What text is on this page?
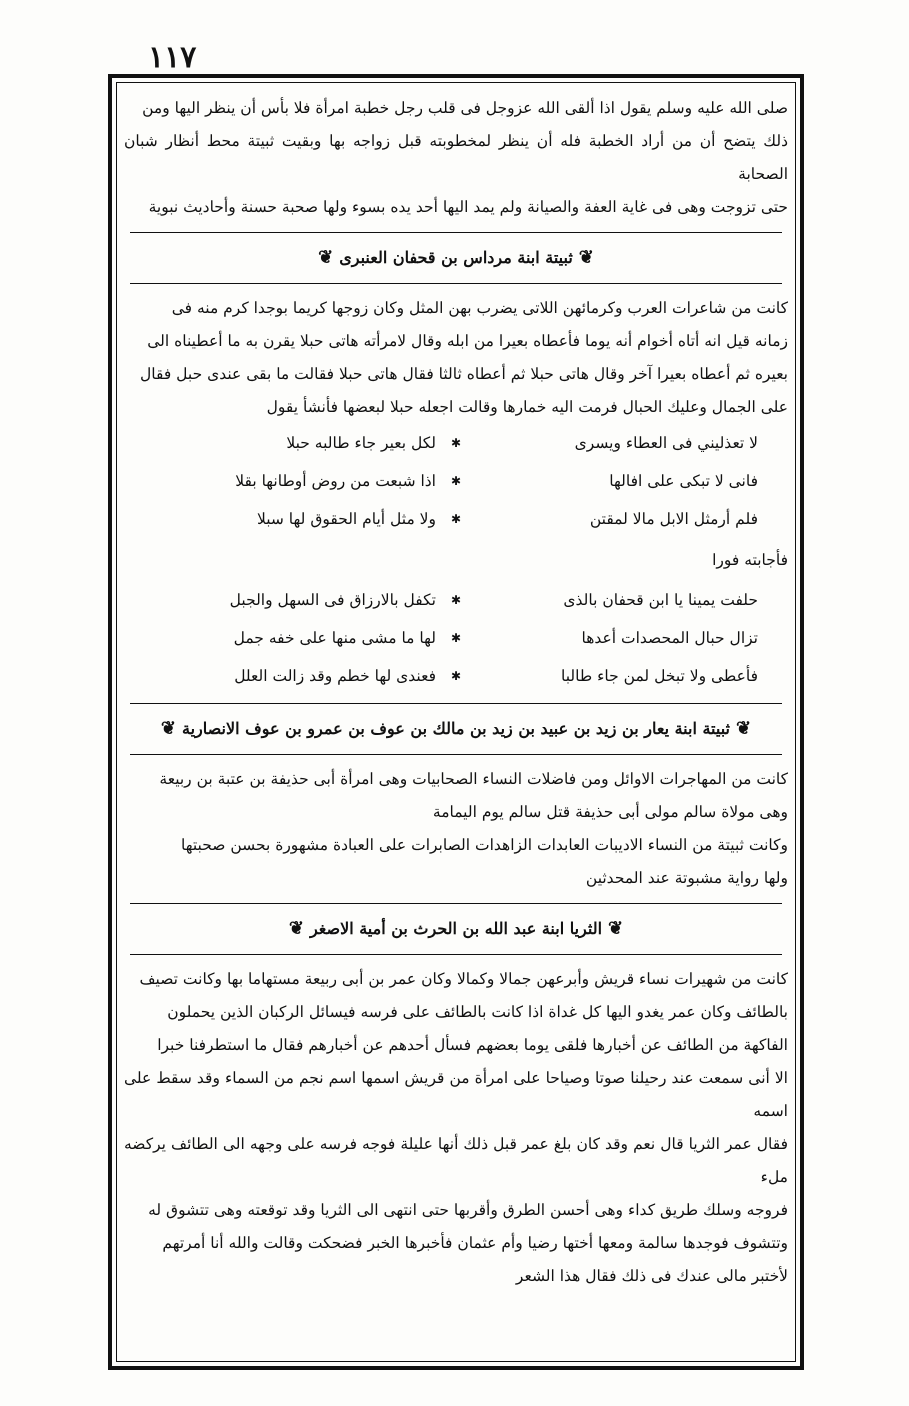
١١٧

صلى الله عليه وسلم يقول اذا ألقى الله عزوجل فى قلب رجل خطبة امرأة فلا بأس أن ينظر اليها ومن

ذلك يتضح أن من أراد الخطبة فله أن ينظر لمخطوبته قبل زواجه بها وبقيت ثبيتة محط أنظار شبان الصحابة

حتى تزوجت وهى فى غاية العفة والصيانة ولم يمد اليها أحد يده بسوء ولها صحبة حسنة وأحاديث نبوية

❦ثبيتة ابنة مرداس بن قحفان العنبرى❦

كانت من شاعرات العرب وكرمائهن اللاتى يضرب بهن المثل وكان زوجها كريما بوجدا كرم منه فى

زمانه قيل انه أتاه أخوام أنه يوما فأعطاه بعيرا من ابله وقال لامرأته هاتى حبلا يقرن به ما أعطيناه الى

بعيره ثم أعطاه بعيرا آخر وقال هاتى حبلا ثم أعطاه ثالثا فقال هاتى حبلا فقالت ما بقى عندى حبل فقال

على الجمال وعليك الحبال فرمت اليه خمارها وقالت اجعله حبلا لبعضها فأنشأ يقول

لا تعذليني فى العطاء ويسرى
✱
لكل بعير جاء طالبه حبلا
فانى لا تبكى على افالها
✱
اذا شبعت من روض أوطانها بقلا
فلم أرمثل الابل مالا لمقتن
✱
ولا مثل أيام الحقوق لها سبلا

فأجابته فورا

حلفت يمينا يا ابن قحفان بالذى
✱
تكفل بالارزاق فى السهل والجبل
تزال حبال المحصدات أعدها
✱
لها ما مشى منها على خفه جمل
فأعطى ولا تبخل لمن جاء طالبا
✱
فعندى لها خطم وقد زالت العلل
❦ثبيتة ابنة يعار بن زيد بن عبيد بن زيد بن مالك بن عوف بن عمرو بن عوف الانصارية❦

كانت من المهاجرات الاوائل ومن فاضلات النساء الصحابيات وهى امرأة أبى حذيفة بن عتبة بن ربيعة

وهى مولاة سالم مولى أبى حذيفة قتل سالم يوم اليمامة

وكانت ثبيتة من النساء الاديبات العابدات الزاهدات الصابرات على العبادة مشهورة بحسن صحبتها

ولها رواية مشبوتة عند المحدثين

❦الثريا ابنة عبد الله بن الحرث بن أمية الاصغر❦

كانت من شهيرات نساء قريش وأبرعهن جمالا وكمالا وكان عمر بن أبى ربيعة مستهاما بها وكانت تصيف

بالطائف وكان عمر يغدو اليها كل غداة اذا كانت بالطائف على فرسه فيسائل الركبان الذين يحملون

الفاكهة من الطائف عن أخبارها فلقى يوما بعضهم فسأل أحدهم عن أخبارهم فقال ما استطرفنا خبرا

الا أنى سمعت عند رحيلنا صوتا وصياحا على امرأة من قريش اسمها اسم نجم من السماء وقد سقط على اسمه

فقال عمر الثريا قال نعم وقد كان بلغ عمر قبل ذلك أنها عليلة فوجه فرسه على وجهه الى الطائف يركضه ملء

فروجه وسلك طريق كداء وهى أحسن الطرق وأقربها حتى انتهى الى الثريا وقد توقعته وهى تتشوق له

وتتشوف فوجدها سالمة ومعها أختها رضيا وأم عثمان فأخبرها الخبر فضحكت وقالت والله أنا أمرتهم

لأختبر مالى عندك فى ذلك فقال هذا الشعر
